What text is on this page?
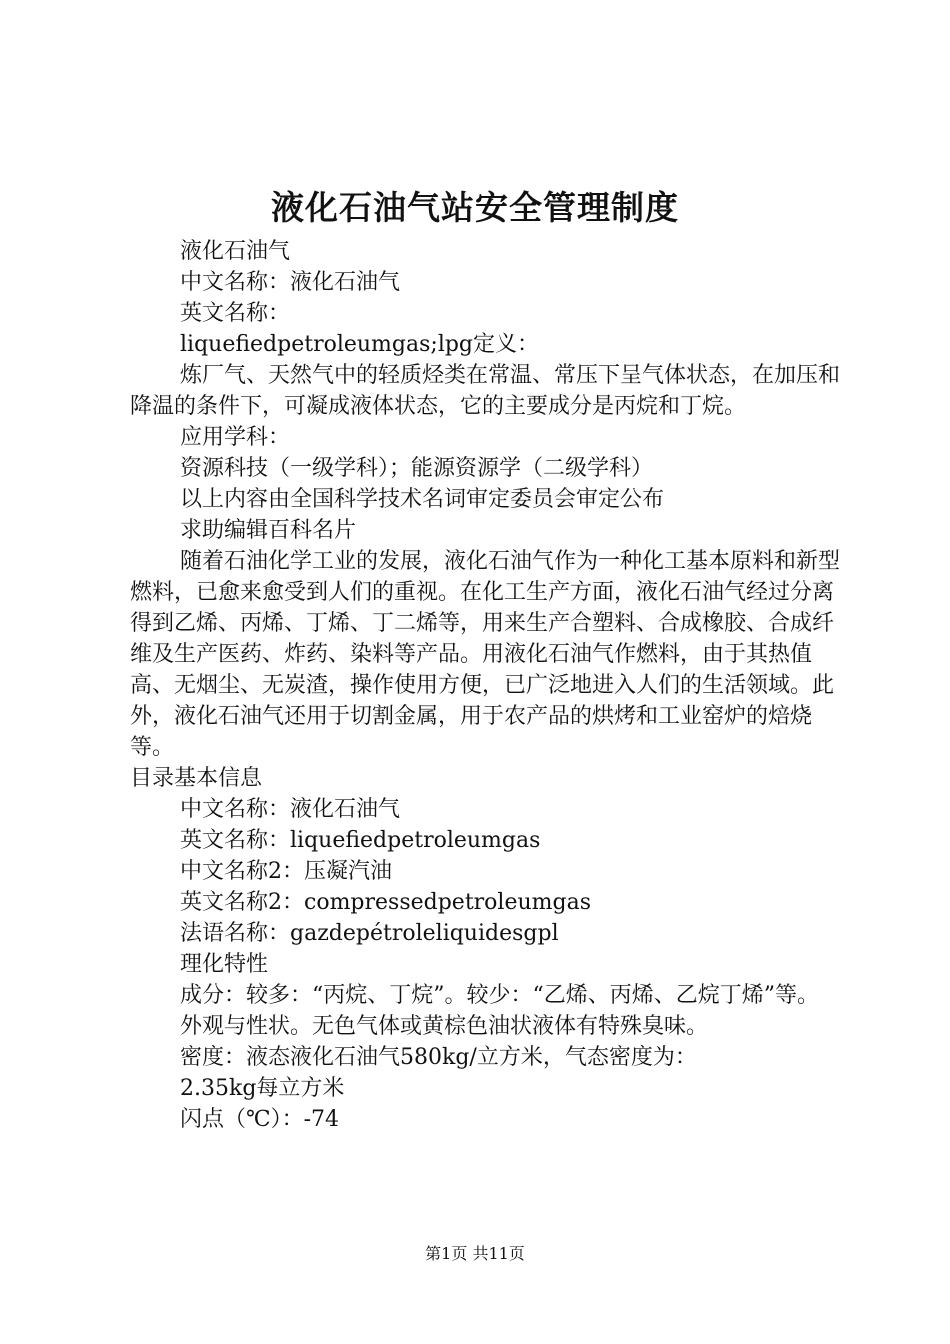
液化石油气站安全管理制度

液化石油气

中文名称：液化石油气

英文名称：

liquefiedpetroleumgas;lpg定义：

炼厂气、天然气中的轻质烃类在常温、常压下呈气体状态，在加压和降温的条件下，可凝成液体状态，它的主要成分是丙烷和丁烷。

应用学科：

资源科技（一级学科）；能源资源学（二级学科）

以上内容由全国科学技术名词审定委员会审定公布

求助编辑百科名片

随着石油化学工业的发展，液化石油气作为一种化工基本原料和新型燃料，已愈来愈受到人们的重视。在化工生产方面，液化石油气经过分离得到乙烯、丙烯、丁烯、丁二烯等，用来生产合塑料、合成橡胶、合成纤维及生产医药、炸药、染料等产品。用液化石油气作燃料，由于其热值高、无烟尘、无炭渣，操作使用方便，已广泛地进入人们的生活领域。此外，液化石油气还用于切割金属，用于农产品的烘烤和工业窑炉的焙烧等。

目录基本信息

中文名称：液化石油气

英文名称：liquefiedpetroleumgas

中文名称2：压凝汽油

英文名称2：compressedpetroleumgas

法语名称：gazdepétroleliquidesgpl

理化特性

成分：较多：“丙烷、丁烷”。较少：“乙烯、丙烯、乙烷丁烯”等。

外观与性状。无色气体或黄棕色油状液体有特殊臭味。

密度：液态液化石油气580kg/立方米，气态密度为：

2.35kg每立方米

闪点（℃）：-74

第1页 共11页
